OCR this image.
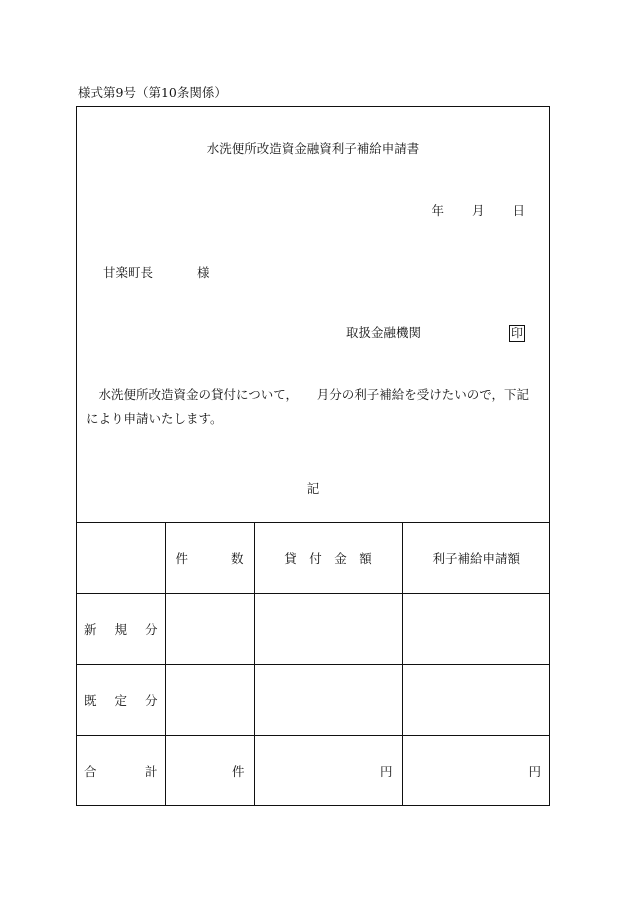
様式第9号（第10条関係）
水洗便所改造資金融資利子補給申請書
年 月 日
甘楽町長	様
取扱金融機関	印
水洗便所改造資金の貸付について，　　月分の利子補給を受けたいので，下記により申請いたします。
記

	件 数	貸　付　金　額	利子補給申請額

新 規 分			

既 定 分			

合 計	件	円	円
